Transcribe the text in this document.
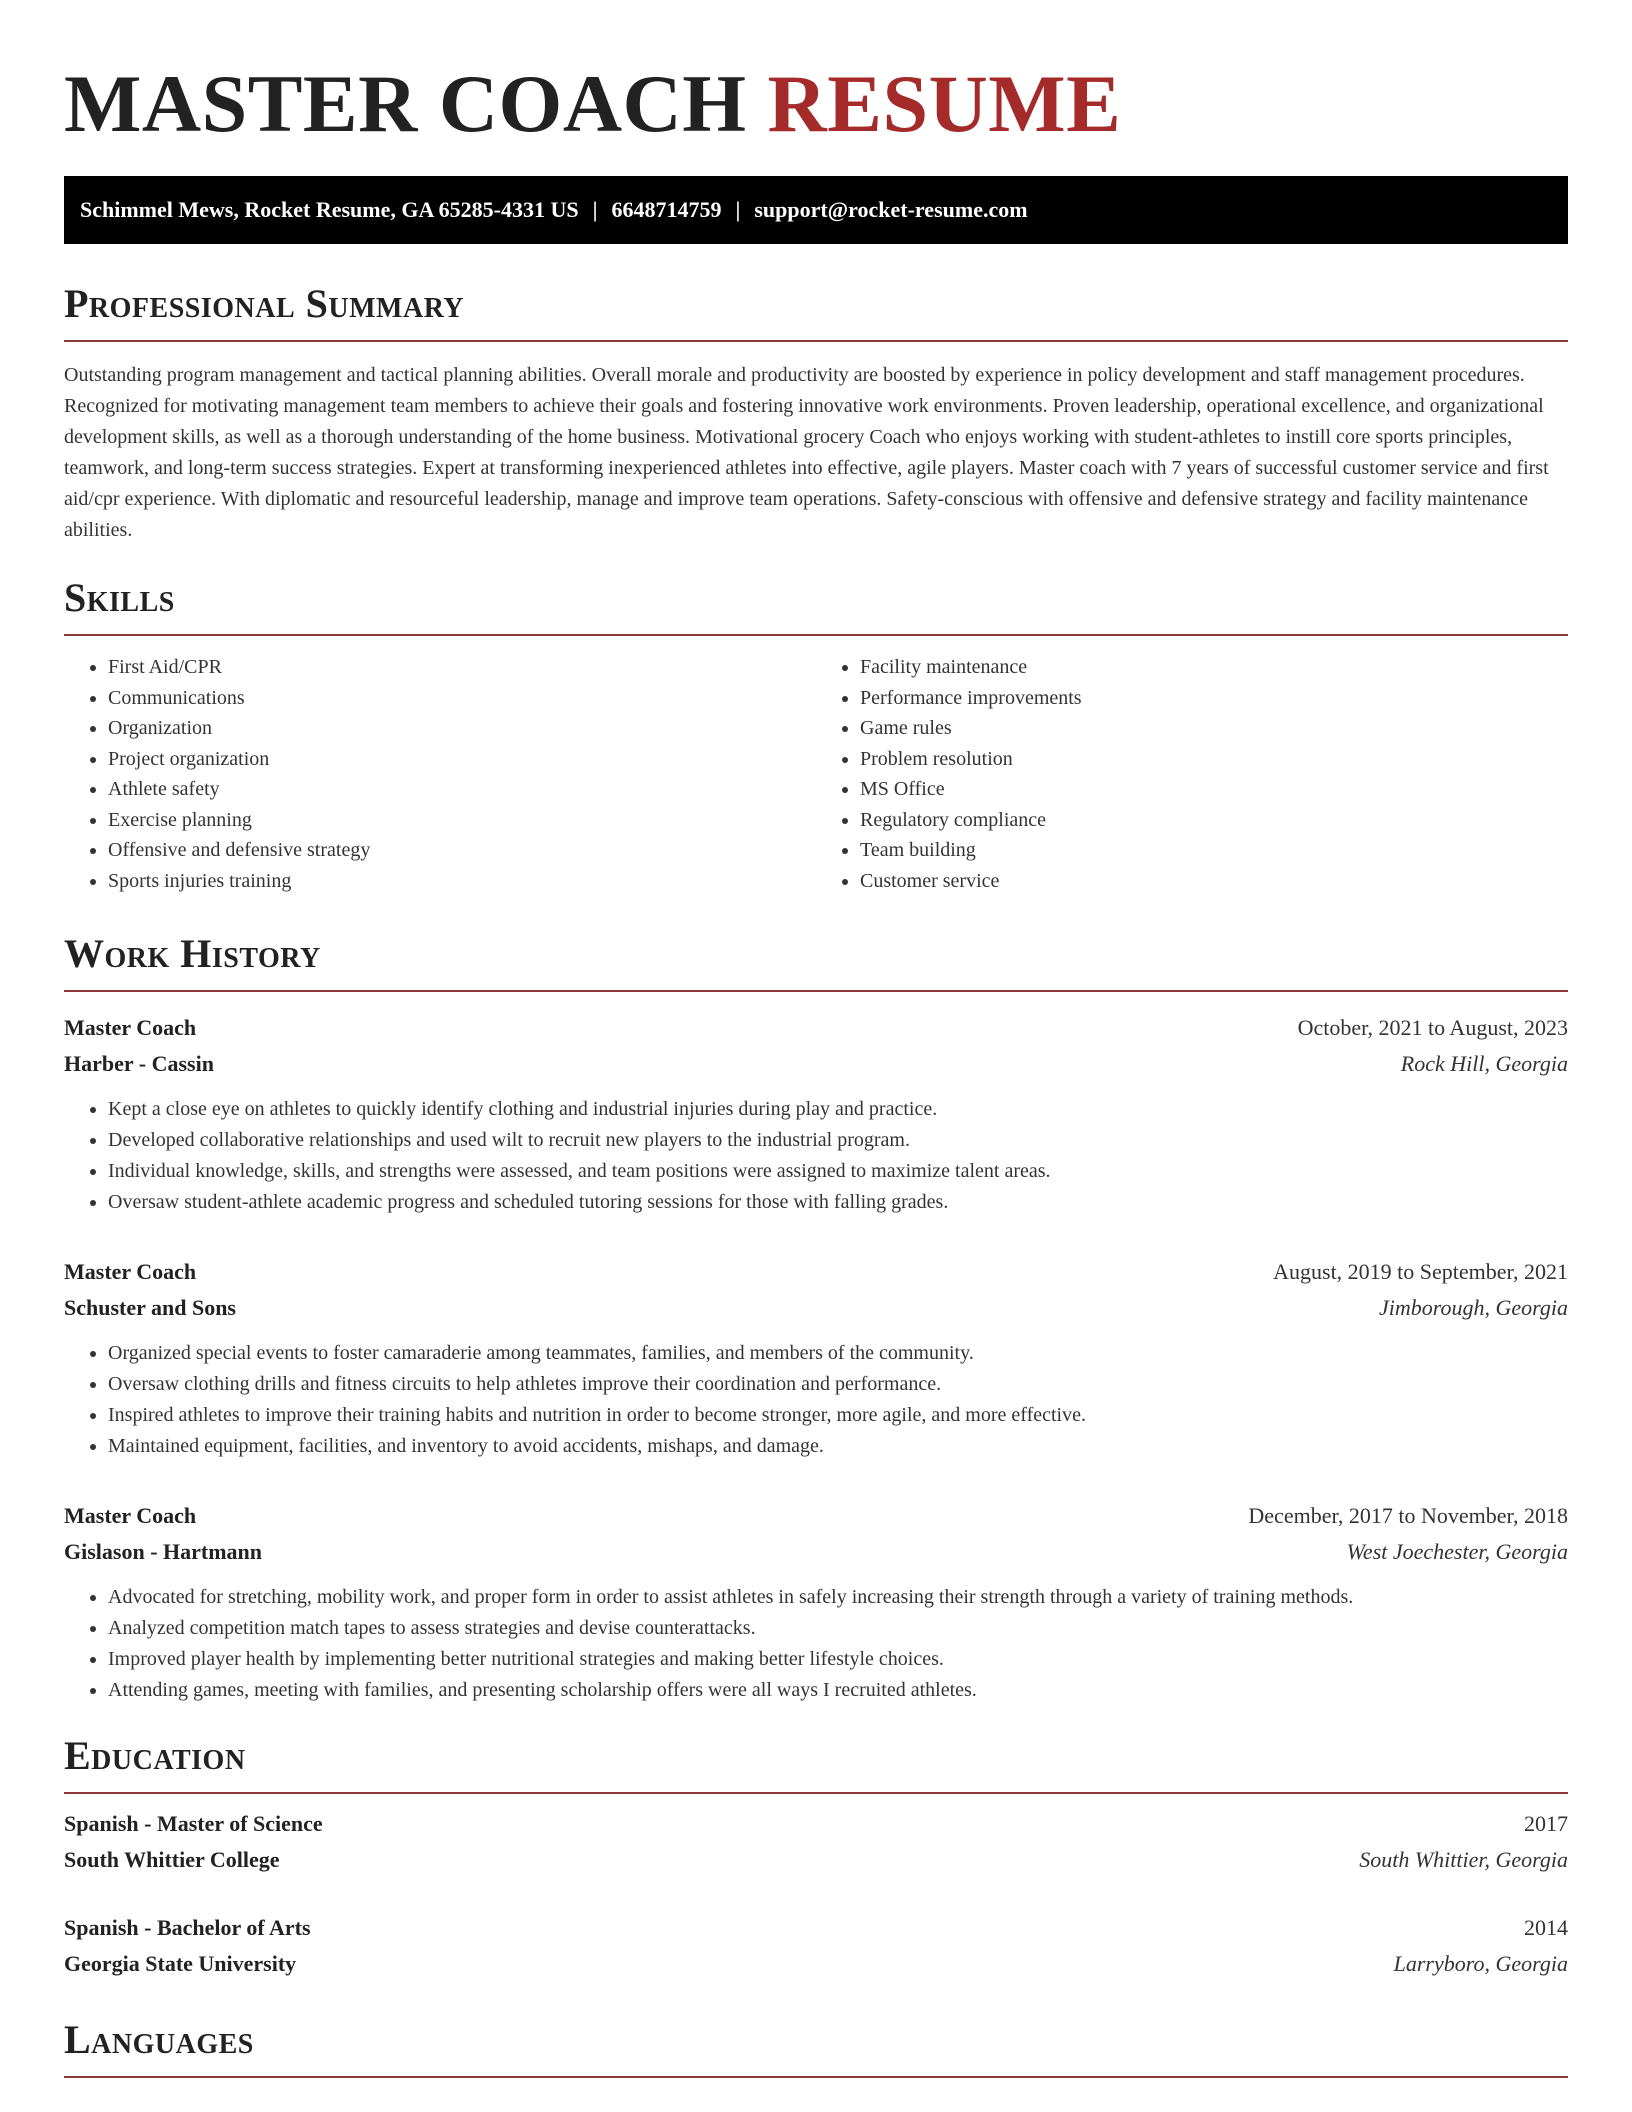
MASTER COACH RESUME
Schimmel Mews, Rocket Resume, GA 65285-4331 US | 6648714759 | support@rocket-resume.com
Professional Summary

Outstanding program management and tactical planning abilities. Overall morale and productivity are boosted by experience in policy development and staff management procedures. Recognized for motivating management team members to achieve their goals and fostering innovative work environments. Proven leadership, operational excellence, and organizational development skills, as well as a thorough understanding of the home business. Motivational grocery Coach who enjoys working with student-athletes to instill core sports principles, teamwork, and long-term success strategies. Expert at transforming inexperienced athletes into effective, agile players. Master coach with 7 years of successful customer service and first aid/cpr experience. With diplomatic and resourceful leadership, manage and improve team operations. Safety-conscious with offensive and defensive strategy and facility maintenance abilities.

Skills
• First Aid/CPR
• Communications
• Organization
• Project organization
• Athlete safety
• Exercise planning
• Offensive and defensive strategy
• Sports injuries training
• Facility maintenance
• Performance improvements
• Game rules
• Problem resolution
• MS Office
• Regulatory compliance
• Team building
• Customer service
Work History
Master Coach	October, 2021 to August, 2023
Harber - Cassin	Rock Hill, Georgia
• Kept a close eye on athletes to quickly identify clothing and industrial injuries during play and practice.
• Developed collaborative relationships and used wilt to recruit new players to the industrial program.
• Individual knowledge, skills, and strengths were assessed, and team positions were assigned to maximize talent areas.
• Oversaw student-athlete academic progress and scheduled tutoring sessions for those with falling grades.
Master Coach	August, 2019 to September, 2021
Schuster and Sons	Jimborough, Georgia
• Organized special events to foster camaraderie among teammates, families, and members of the community.
• Oversaw clothing drills and fitness circuits to help athletes improve their coordination and performance.
• Inspired athletes to improve their training habits and nutrition in order to become stronger, more agile, and more effective.
• Maintained equipment, facilities, and inventory to avoid accidents, mishaps, and damage.
Master Coach	December, 2017 to November, 2018
Gislason - Hartmann	West Joechester, Georgia
• Advocated for stretching, mobility work, and proper form in order to assist athletes in safely increasing their strength through a variety of training methods.
• Analyzed competition match tapes to assess strategies and devise counterattacks.
• Improved player health by implementing better nutritional strategies and making better lifestyle choices.
• Attending games, meeting with families, and presenting scholarship offers were all ways I recruited athletes.
Education
Spanish - Master of Science	2017
South Whittier College	South Whittier, Georgia
Spanish - Bachelor of Arts	2014
Georgia State University	Larryboro, Georgia
Languages
